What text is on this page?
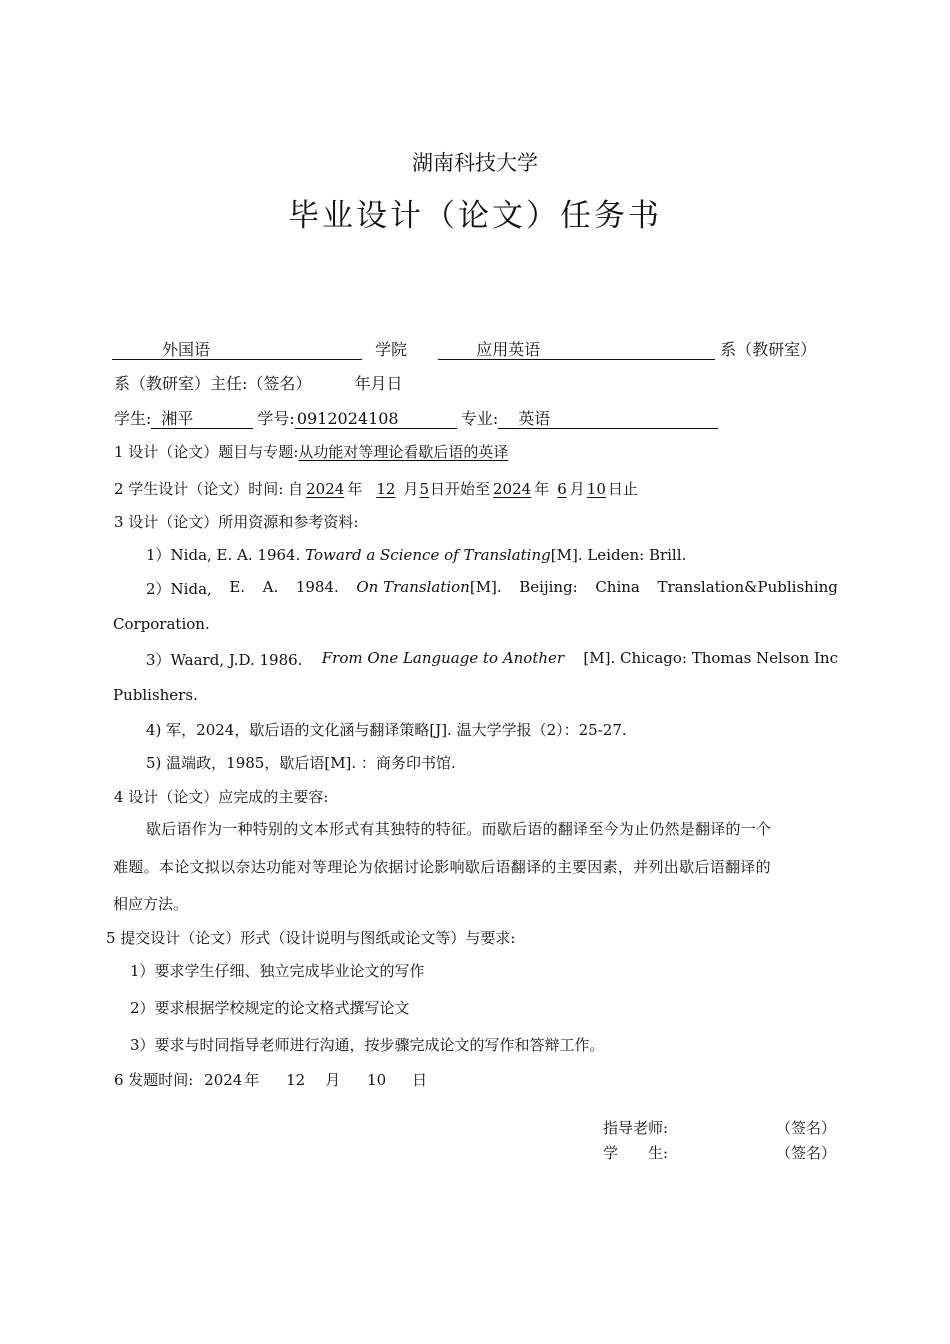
湖南科技大学
毕业设计（论文）任务书
外国语	学院	应用英语	系（教研室）
系（教研室）主任:（签名）	年月日
学生: 湘平	学号: 0912024108	专业: 英语
1 设计（论文）题目与专题:从功能对等理论看歇后语的英译
2 学生设计（论文）时间: 自 2024 年 12 月5日开始至 2024 年 6 月 10 日止
3 设计（论文）所用资源和参考资料:
1）Nida, E. A. 1964. Toward a Science of Translating[M]. Leiden: Brill.
2）Nida, E. A. 1984. On Translation[M]. Beijing: China Translation&Publishing
Corporation.
3）Waard, J.D. 1986. From One Language to Another [M]. Chicago: Thomas Nelson Inc
Publishers.
4) 军，2024，歇后语的文化涵与翻译策略[J]. 温大学学报（2）：25-27.
5) 温端政，1985，歇后语[M]. ：商务印书馆.
4 设计（论文）应完成的主要容:
歇后语作为一种特别的文本形式有其独特的特征。而歇后语的翻译至今为止仍然是翻译的一个
难题。本论文拟以奈达功能对等理论为依据讨论影响歇后语翻译的主要因素，并列出歇后语翻译的
相应方法。
5 提交设计（论文）形式（设计说明与图纸或论文等）与要求:
1）要求学生仔细、独立完成毕业论文的写作
2）要求根据学校规定的论文格式撰写论文
3）要求与时同指导老师进行沟通，按步骤完成论文的写作和答辩工作。
6 发题时间: 2024 年 12 月 10 日
指导老师:	（签名）
学　　生:	（签名）
